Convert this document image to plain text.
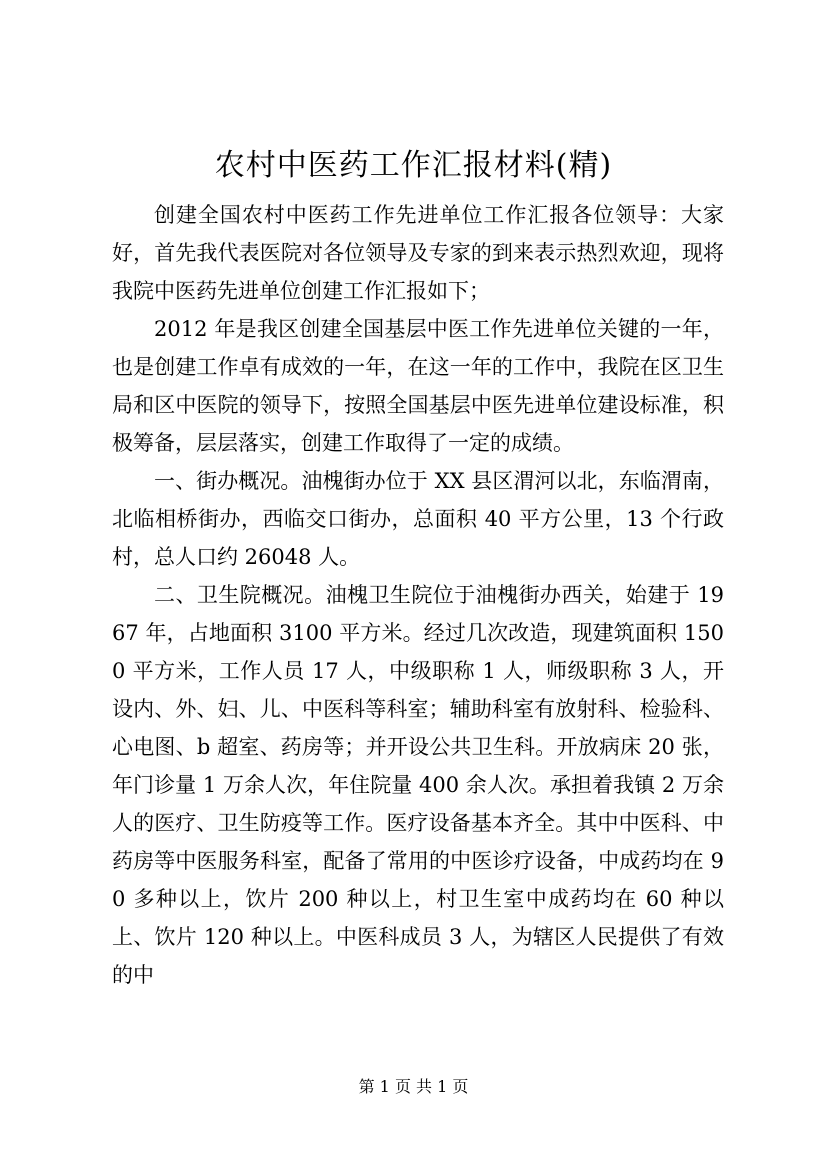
农村中医药工作汇报材料(精)

创建全国农村中医药工作先进单位工作汇报各位领导：大家好，首先我代表医院对各位领导及专家的到来表示热烈欢迎，现将我院中医药先进单位创建工作汇报如下；

2012 年是我区创建全国基层中医工作先进单位关键的一年，也是创建工作卓有成效的一年，在这一年的工作中，我院在区卫生局和区中医院的领导下，按照全国基层中医先进单位建设标准，积极筹备，层层落实，创建工作取得了一定的成绩。

一、街办概况。油槐街办位于 XX 县区渭河以北，东临渭南，北临相桥街办，西临交口街办，总面积 40 平方公里，13 个行政村，总人口约 26048 人。

二、卫生院概况。油槐卫生院位于油槐街办西关，始建于 1967 年，占地面积 3100 平方米。经过几次改造，现建筑面积 1500 平方米，工作人员 17 人，中级职称 1 人，师级职称 3 人，开设内、外、妇、儿、中医科等科室；辅助科室有放射科、检验科、心电图、b 超室、药房等；并开设公共卫生科。开放病床 20 张，年门诊量 1 万余人次，年住院量 400 余人次。承担着我镇 2 万余人的医疗、卫生防疫等工作。医疗设备基本齐全。其中中医科、中药房等中医服务科室，配备了常用的中医诊疗设备，中成药均在 90 多种以上，饮片 200 种以上，村卫生室中成药均在 60 种以上、饮片 120 种以上。中医科成员 3 人，为辖区人民提供了有效的中

第 1 页 共 1 页
